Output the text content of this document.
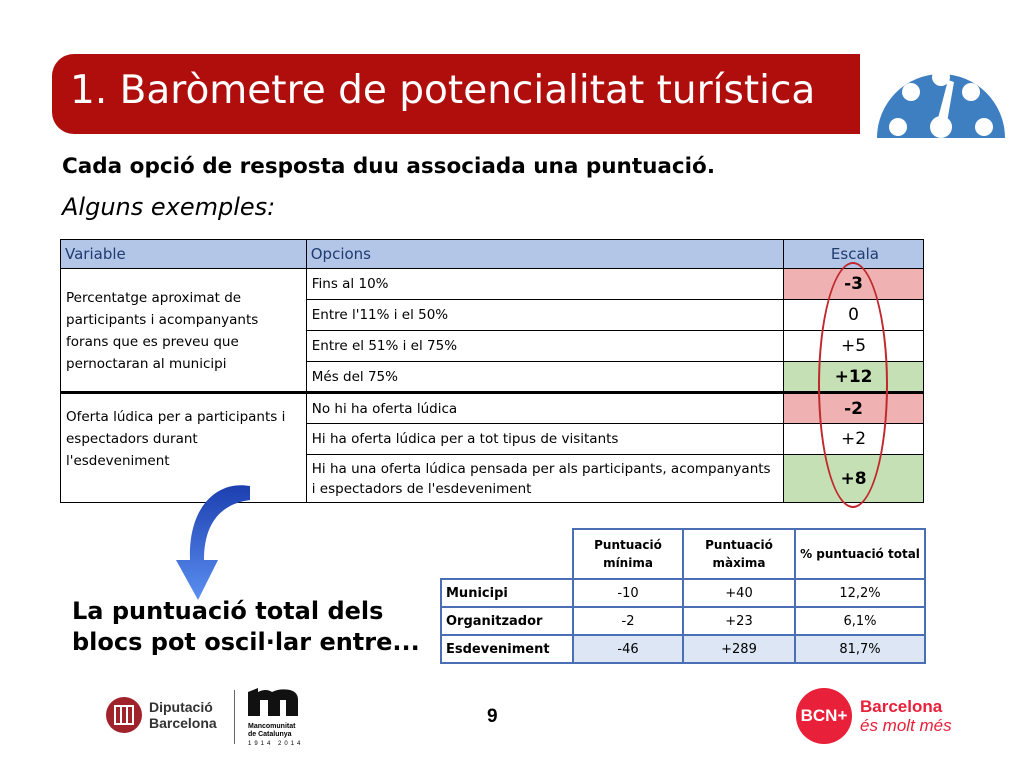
1. Baròmetre de potencialitat turística
Cada opció de resposta duu associada una puntuació.
Alguns exemples:
Variable	Opcions	Escala
Percentatge aproximat de participants i acompanyants forans que es preveu que pernoctaran al municipi	Fins al 10%	-3
	Entre l'11% i el 50%	0
	Entre el 51% i el 75%	+5
	Més del 75%	+12
Oferta lúdica per a participants i espectadors durant l'esdeveniment	No hi ha oferta lúdica	-2
	Hi ha oferta lúdica per a tot tipus de visitants	+2
	Hi ha una oferta lúdica pensada per als participants, acompanyants i espectadors de l'esdeveniment	+8
	Puntuació mínima	Puntuació màxima	% puntuació total
Municipi	-10	+40	12,2%
Organitzador	-2	+23	6,1%
Esdeveniment	-46	+289	81,7%
La puntuació total dels
blocs pot oscil·lar entre...
9
Diputació
Barcelona	Mancomunitat
de Catalunya
1914 2014
BCN+ Barcelona
és molt més
